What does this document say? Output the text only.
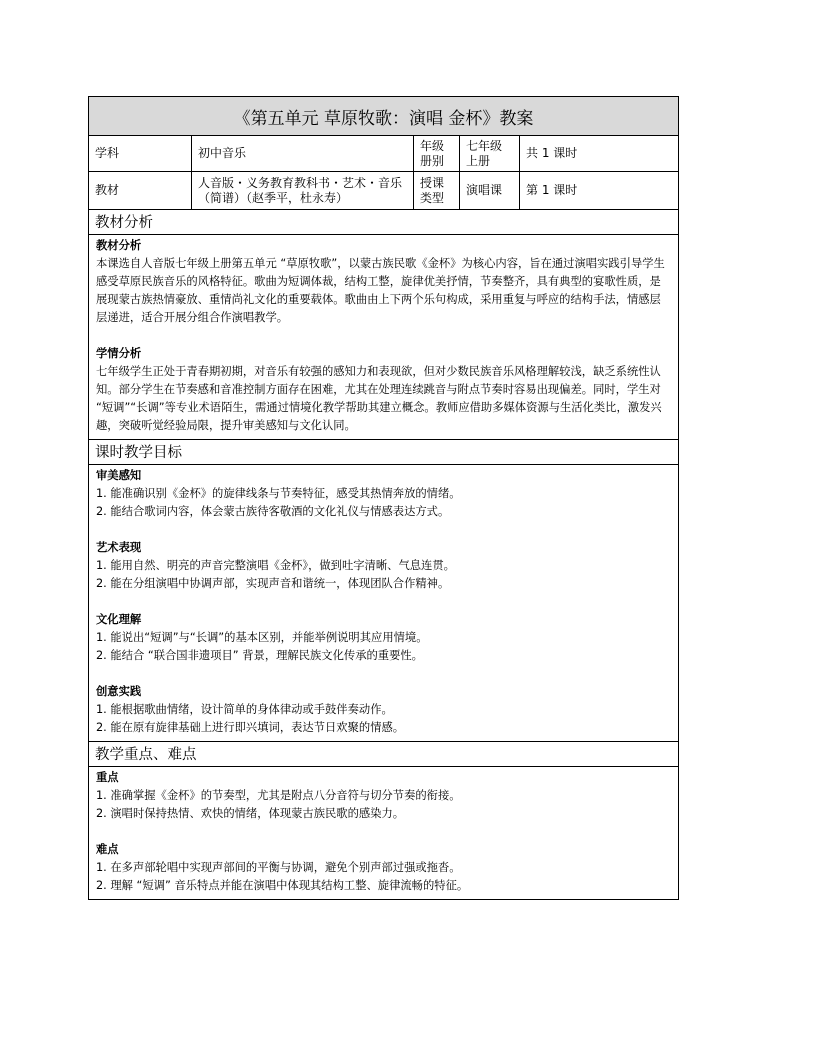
《第五单元 草原牧歌：演唱 金杯》教案
学科	初中音乐
年级册别
七年级上册
共 1 课时
教材
人音版・义务教育教科书・艺术・音乐（简谱）（赵季平，杜永寿）
授课类型
演唱课	第 1 课时
教材分析
教材分析

本课选自人音版七年级上册第五单元 “草原牧歌”，以蒙古族民歌《金杯》为核心内容，旨在通过演唱实践引导学生感受草原民族音乐的风格特征。歌曲为短调体裁，结构工整，旋律优美抒情，节奏整齐，具有典型的宴歌性质，是展现蒙古族热情豪放、重情尚礼文化的重要载体。歌曲由上下两个乐句构成，采用重复与呼应的结构手法，情感层层递进，适合开展分组合作演唱教学。

学情分析

七年级学生正处于青春期初期，对音乐有较强的感知力和表现欲，但对少数民族音乐风格理解较浅，缺乏系统性认知。部分学生在节奏感和音准控制方面存在困难，尤其在处理连续跳音与附点节奏时容易出现偏差。同时，学生对 “短调”“长调”等专业术语陌生，需通过情境化教学帮助其建立概念。教师应借助多媒体资源与生活化类比，激发兴趣，突破听觉经验局限，提升审美感知与文化认同。

课时教学目标
审美感知
1. 能准确识别《金杯》的旋律线条与节奏特征，感受其热情奔放的情绪。
2. 能结合歌词内容，体会蒙古族待客敬酒的文化礼仪与情感表达方式。
艺术表现
1. 能用自然、明亮的声音完整演唱《金杯》，做到吐字清晰、气息连贯。
2. 能在分组演唱中协调声部，实现声音和谐统一，体现团队合作精神。
文化理解
1. 能说出“短调”与“长调”的基本区别，并能举例说明其应用情境。
2. 能结合 “联合国非遗项目” 背景，理解民族文化传承的重要性。
创意实践
1. 能根据歌曲情绪，设计简单的身体律动或手鼓伴奏动作。
2. 能在原有旋律基础上进行即兴填词，表达节日欢聚的情感。
教学重点、难点
重点
1. 准确掌握《金杯》的节奏型，尤其是附点八分音符与切分节奏的衔接。
2. 演唱时保持热情、欢快的情绪，体现蒙古族民歌的感染力。
难点
1. 在多声部轮唱中实现声部间的平衡与协调，避免个别声部过强或拖沓。
2. 理解 “短调” 音乐特点并能在演唱中体现其结构工整、旋律流畅的特征。
